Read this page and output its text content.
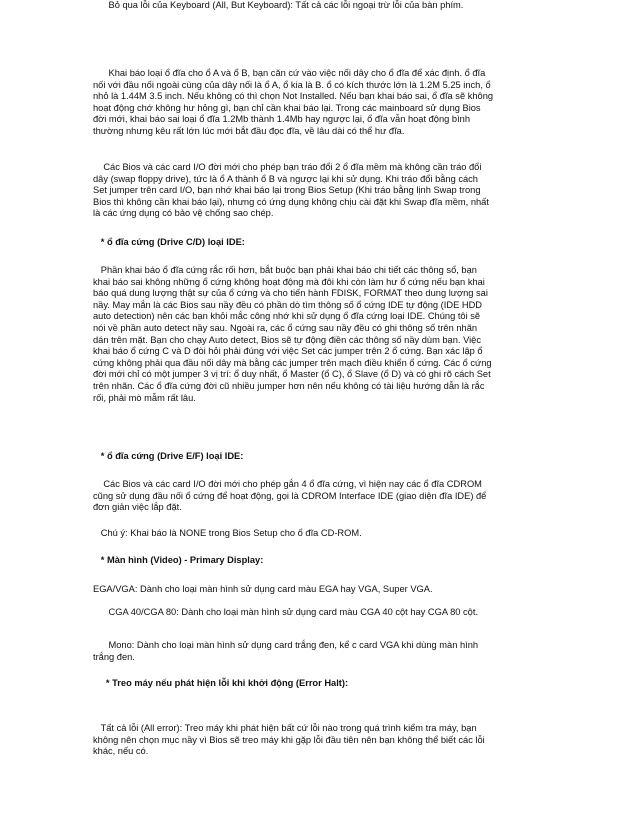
Khai báo loại ổ đĩa cho ổ A và ổ B, bạn căn cứ vào việc nối dây cho ổ đĩa để xác định. ổ đĩa
nối với đầu nối ngoài cùng của dây nối là ổ A, ổ kia là B. ổ có kích thước lớn là 1.2M 5.25 inch, ổ
nhỏ là 1.44M 3.5 inch. Nếu không có thì chọn Not Installed. Nếu bạn khai báo sai, ổ đĩa sẽ không
hoạt động chớ không hư hỏng gì, bạn chỉ cần khai báo lại. Trong các mainboard sử dụng Bios
đời mới, khai báo sai loại ổ đĩa 1.2Mb thành 1.4Mb hay ngược lại, ổ đĩa vẫn hoạt động bình
thường nhưng kêu rất lớn lúc mới bắt đầu đọc đĩa, về lâu dài có thể hư đĩa.
Các Bios và các card I/O đời mới cho phép bạn tráo đổi 2 ổ đĩa mềm mà không cần tráo đổi
dây (swap floppy drive), tức là ổ A thành ổ B và ngược lại khi sử dụng. Khi tráo đổi bằng cách
Set jumper trên card I/O, bạn nhớ khai báo lại trong Bios Setup (Khi tráo bằng lịnh Swap trong
Bios thì không cần khai báo lại), nhưng có ứng dụng không chịu cài đặt khi Swap đĩa mềm, nhất
là các ứng dụng có bảo vệ chống sao chép.
* ổ đĩa cứng (Drive C/D) loại IDE:
Phần khai báo ổ đĩa cứng rắc rối hơn, bắt buộc bạn phải khai báo chi tiết các thông số, bạn
khai báo sai không những ổ cứng không hoạt động mà đôi khi còn làm hư ổ cứng nếu bạn khai
báo quá dung lượng thật sự của ổ cứng và cho tiến hành FDISK, FORMAT theo dung lượng sai
nầy. May mắn là các Bios sau nầy đều có phần dò tìm thông số ổ cứng IDE tự động (IDE HDD
auto detection) nên các bạn khỏi mắc công nhớ khi sử dụng ổ đĩa cứng loại IDE. Chúng tôi sẽ
nói về phần auto detect nầy sau. Ngoài ra, các ổ cứng sau nầy đều có ghi thông số trên nhãn
dán trên mặt. Bạn cho chạy Auto detect, Bios sẽ tự động điền các thông số nầy dùm bạn. Việc
khai báo ổ cứng C và D đòi hỏi phải đúng với việc Set các jumper trên 2 ổ cứng. Bạn xác lập ổ
cứng không phải qua đầu nối dây mà bằng các jumper trên mạch điều khiển ổ cứng. Các ổ cứng
đời mới chỉ có một jumper 3 vị trí: ổ duy nhất, ổ Master (ổ C), ổ Slave (ổ D) và có ghi rõ cách Set
trên nhãn. Các ổ đĩa cứng đời cũ nhiều jumper hơn nên nếu không có tài liệu hướng dẫn là rắc
rối, phải mò mẫm rất lâu.
* ổ đĩa cứng (Drive E/F) loại IDE:
Các Bios và các card I/O đời mới cho phép gắn 4 ổ đĩa cứng, vì hiện nay các ổ đĩa CDROM
cũng sử dụng đầu nối ổ cứng để hoạt động, gọi là CDROM Interface IDE (giao diện đĩa IDE) để
đơn giản việc lắp đặt.
Chú ý: Khai báo là NONE trong Bios Setup cho ổ đĩa CD-ROM.
* Màn hình (Video) - Primary Display:
EGA/VGA: Dành cho loại màn hình sử dụng card màu EGA hay VGA, Super VGA.
CGA 40/CGA 80: Dành cho loại màn hình sử dụng card màu CGA 40 cột hay CGA 80 cột.
Mono: Dành cho loại màn hình sử dụng card trắng đen, kể c card VGA khi dùng màn hình
trắng đen.
* Treo máy nếu phát hiện lỗi khi khởi động (Error Halt):
Tất cả lỗi (All error): Treo máy khi phát hiện bất cứ lỗi nào trong quá trình kiểm tra máy, bạn
không nên chọn mục nầy vì Bios sẽ treo máy khi gặp lỗi đầu tiên nên bạn không thể biết các lỗi
khác, nếu có.
Bỏ qua lỗi của Keyboard (All, But Keyboard): Tất cả các lỗi ngoại trừ lỗi của bàn phím.
